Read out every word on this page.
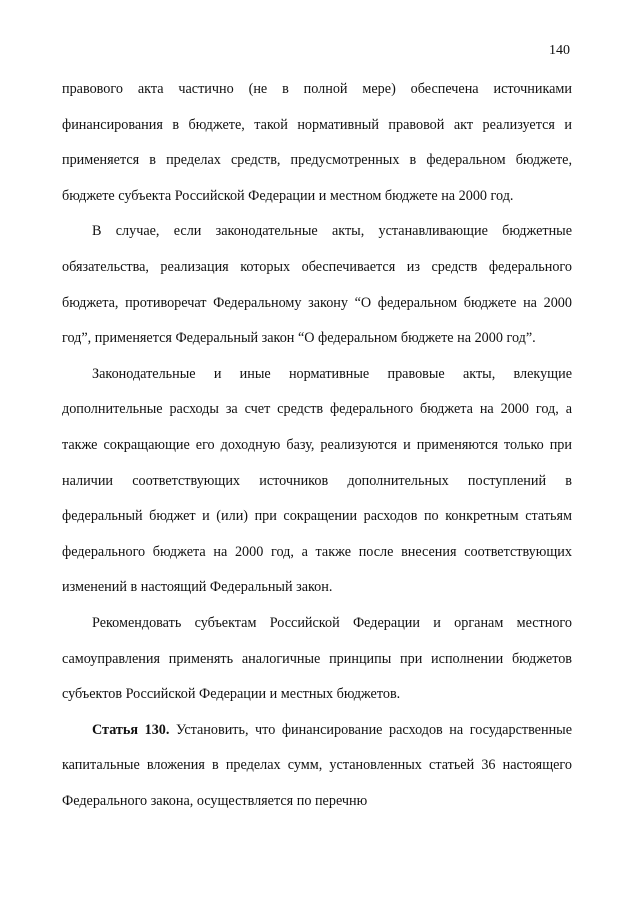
140

правового акта частично (не в полной мере) обеспечена источниками финансирования в бюджете, такой нормативный правовой акт реализуется и применяется в пределах средств, предусмотренных в федеральном бюджете, бюджете субъекта Российской Федерации и местном бюджете на 2000 год.

В случае, если законодательные акты, устанавливающие бюджетные обязательства, реализация которых обеспечивается из средств федерального бюджета, противоречат Федеральному закону “О федеральном бюджете на 2000 год”, применяется Федеральный закон “О федеральном бюджете на 2000 год”.

Законодательные и иные нормативные правовые акты, влекущие дополнительные расходы за счет средств федерального бюджета на 2000 год, а также сокращающие его доходную базу, реализуются и применяются только при наличии соответствующих источников дополнительных поступлений в федеральный бюджет и (или) при сокращении расходов по конкретным статьям федерального бюджета на 2000 год, а также после внесения соответствующих изменений в настоящий Федеральный закон.

Рекомендовать субъектам Российской Федерации и органам местного самоуправления применять аналогичные принципы при исполнении бюджетов субъектов Российской Федерации и местных бюджетов.

Статья 130. Установить, что финансирование расходов на государственные капитальные вложения в пределах сумм, установленных статьей 36 настоящего Федерального закона, осуществляется по перечню
